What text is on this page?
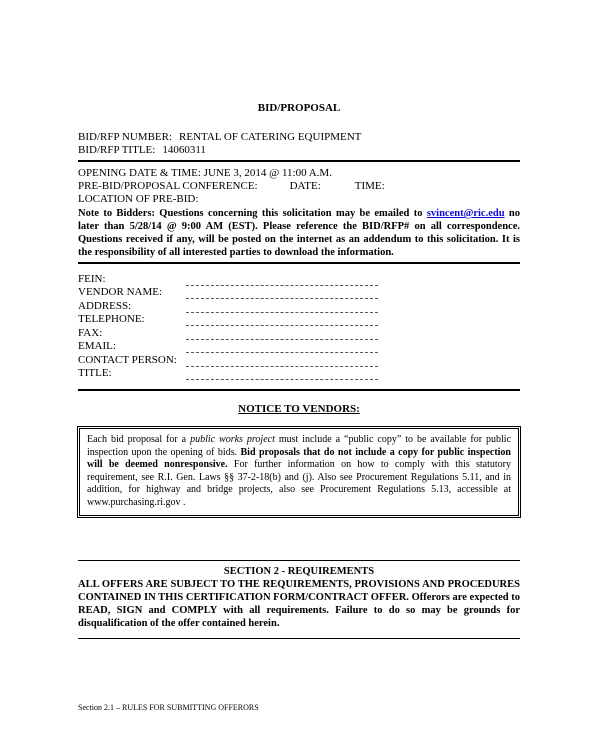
BID/PROPOSAL
BID/RFP NUMBER: RENTAL OF CATERING EQUIPMENT
BID/RFP TITLE: 14060311
OPENING DATE & TIME: JUNE 3, 2014 @ 11:00 A.M.
PRE-BID/PROPOSAL CONFERENCE:	DATE:	TIME:
LOCATION OF PRE-BID:

Note to Bidders: Questions concerning this solicitation may be emailed to svincent@ric.edu no later than 5/28/14 @ 9:00 AM (EST). Please reference the BID/RFP# on all correspondence. Questions received if any, will be posted on the internet as an addendum to this solicitation. It is the responsibility of all interested parties to download the information.

FEIN:
VENDOR NAME:
ADDRESS:
TELEPHONE:
FAX:
EMAIL:
CONTACT PERSON:
TITLE:
NOTICE TO VENDORS:
Each bid proposal for a public works project must include a “public copy” to be available for public inspection upon the opening of bids. Bid proposals that do not include a copy for public inspection will be deemed nonresponsive. For further information on how to comply with this statutory requirement, see R.I. Gen. Laws §§ 37-2-18(b) and (j). Also see Procurement Regulations 5.11, and in addition, for highway and bridge projects, also see Procurement Regulations 5.13, accessible at www.purchasing.ri.gov .
SECTION 2 - REQUIREMENTS

ALL OFFERS ARE SUBJECT TO THE REQUIREMENTS, PROVISIONS AND PROCEDURES CONTAINED IN THIS CERTIFICATION FORM/CONTRACT OFFER. Offerors are expected to READ, SIGN and COMPLY with all requirements. Failure to do so may be grounds for disqualification of the offer contained herein.

Section 2.1 – RULES FOR SUBMITTING OFFERORS
